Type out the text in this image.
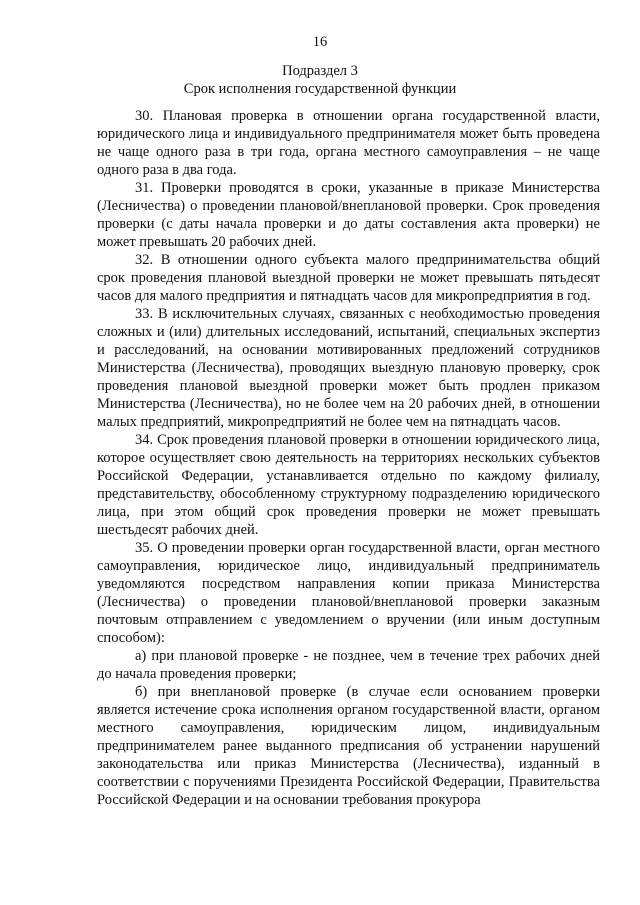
16
Подраздел 3
Срок исполнения государственной функции

30. Плановая проверка в отношении органа государственной власти, юридического лица и индивидуального предпринимателя может быть проведена не чаще одного раза в три года, органа местного самоуправления – не чаще одного раза в два года.

31. Проверки проводятся в сроки, указанные в приказе Министерства (Лесничества) о проведении плановой/внеплановой проверки. Срок проведения проверки (с даты начала проверки и до даты составления акта проверки) не может превышать 20 рабочих дней.

32. В отношении одного субъекта малого предпринимательства общий срок проведения плановой выездной проверки не может превышать пятьдесят часов для малого предприятия и пятнадцать часов для микропредприятия в год.

33. В исключительных случаях, связанных с необходимостью проведения сложных и (или) длительных исследований, испытаний, специальных экспертиз и расследований, на основании мотивированных предложений сотрудников Министерства (Лесничества), проводящих выездную плановую проверку, срок проведения плановой выездной проверки может быть продлен приказом Министерства (Лесничества), но не более чем на 20 рабочих дней, в отношении малых предприятий, микропредприятий не более чем на пятнадцать часов.

34. Срок проведения плановой проверки в отношении юридического лица, которое осуществляет свою деятельность на территориях нескольких субъектов Российской Федерации, устанавливается отдельно по каждому филиалу, представительству, обособленному структурному подразделению юридического лица, при этом общий срок проведения проверки не может превышать шестьдесят рабочих дней.

35. О проведении проверки орган государственной власти, орган местного самоуправления, юридическое лицо, индивидуальный предприниматель уведомляются посредством направления копии приказа Министерства (Лесничества) о проведении плановой/внеплановой проверки заказным почтовым отправлением с уведомлением о вручении (или иным доступным способом):

а) при плановой проверке - не позднее, чем в течение трех рабочих дней до начала проведения проверки;

б) при внеплановой проверке (в случае если основанием проверки является истечение срока исполнения органом государственной власти, органом местного самоуправления, юридическим лицом, индивидуальным предпринимателем ранее выданного предписания об устранении нарушений законодательства или приказ Министерства (Лесничества), изданный в соответствии с поручениями Президента Российской Федерации, Правительства Российской Федерации и на основании требования прокурора
